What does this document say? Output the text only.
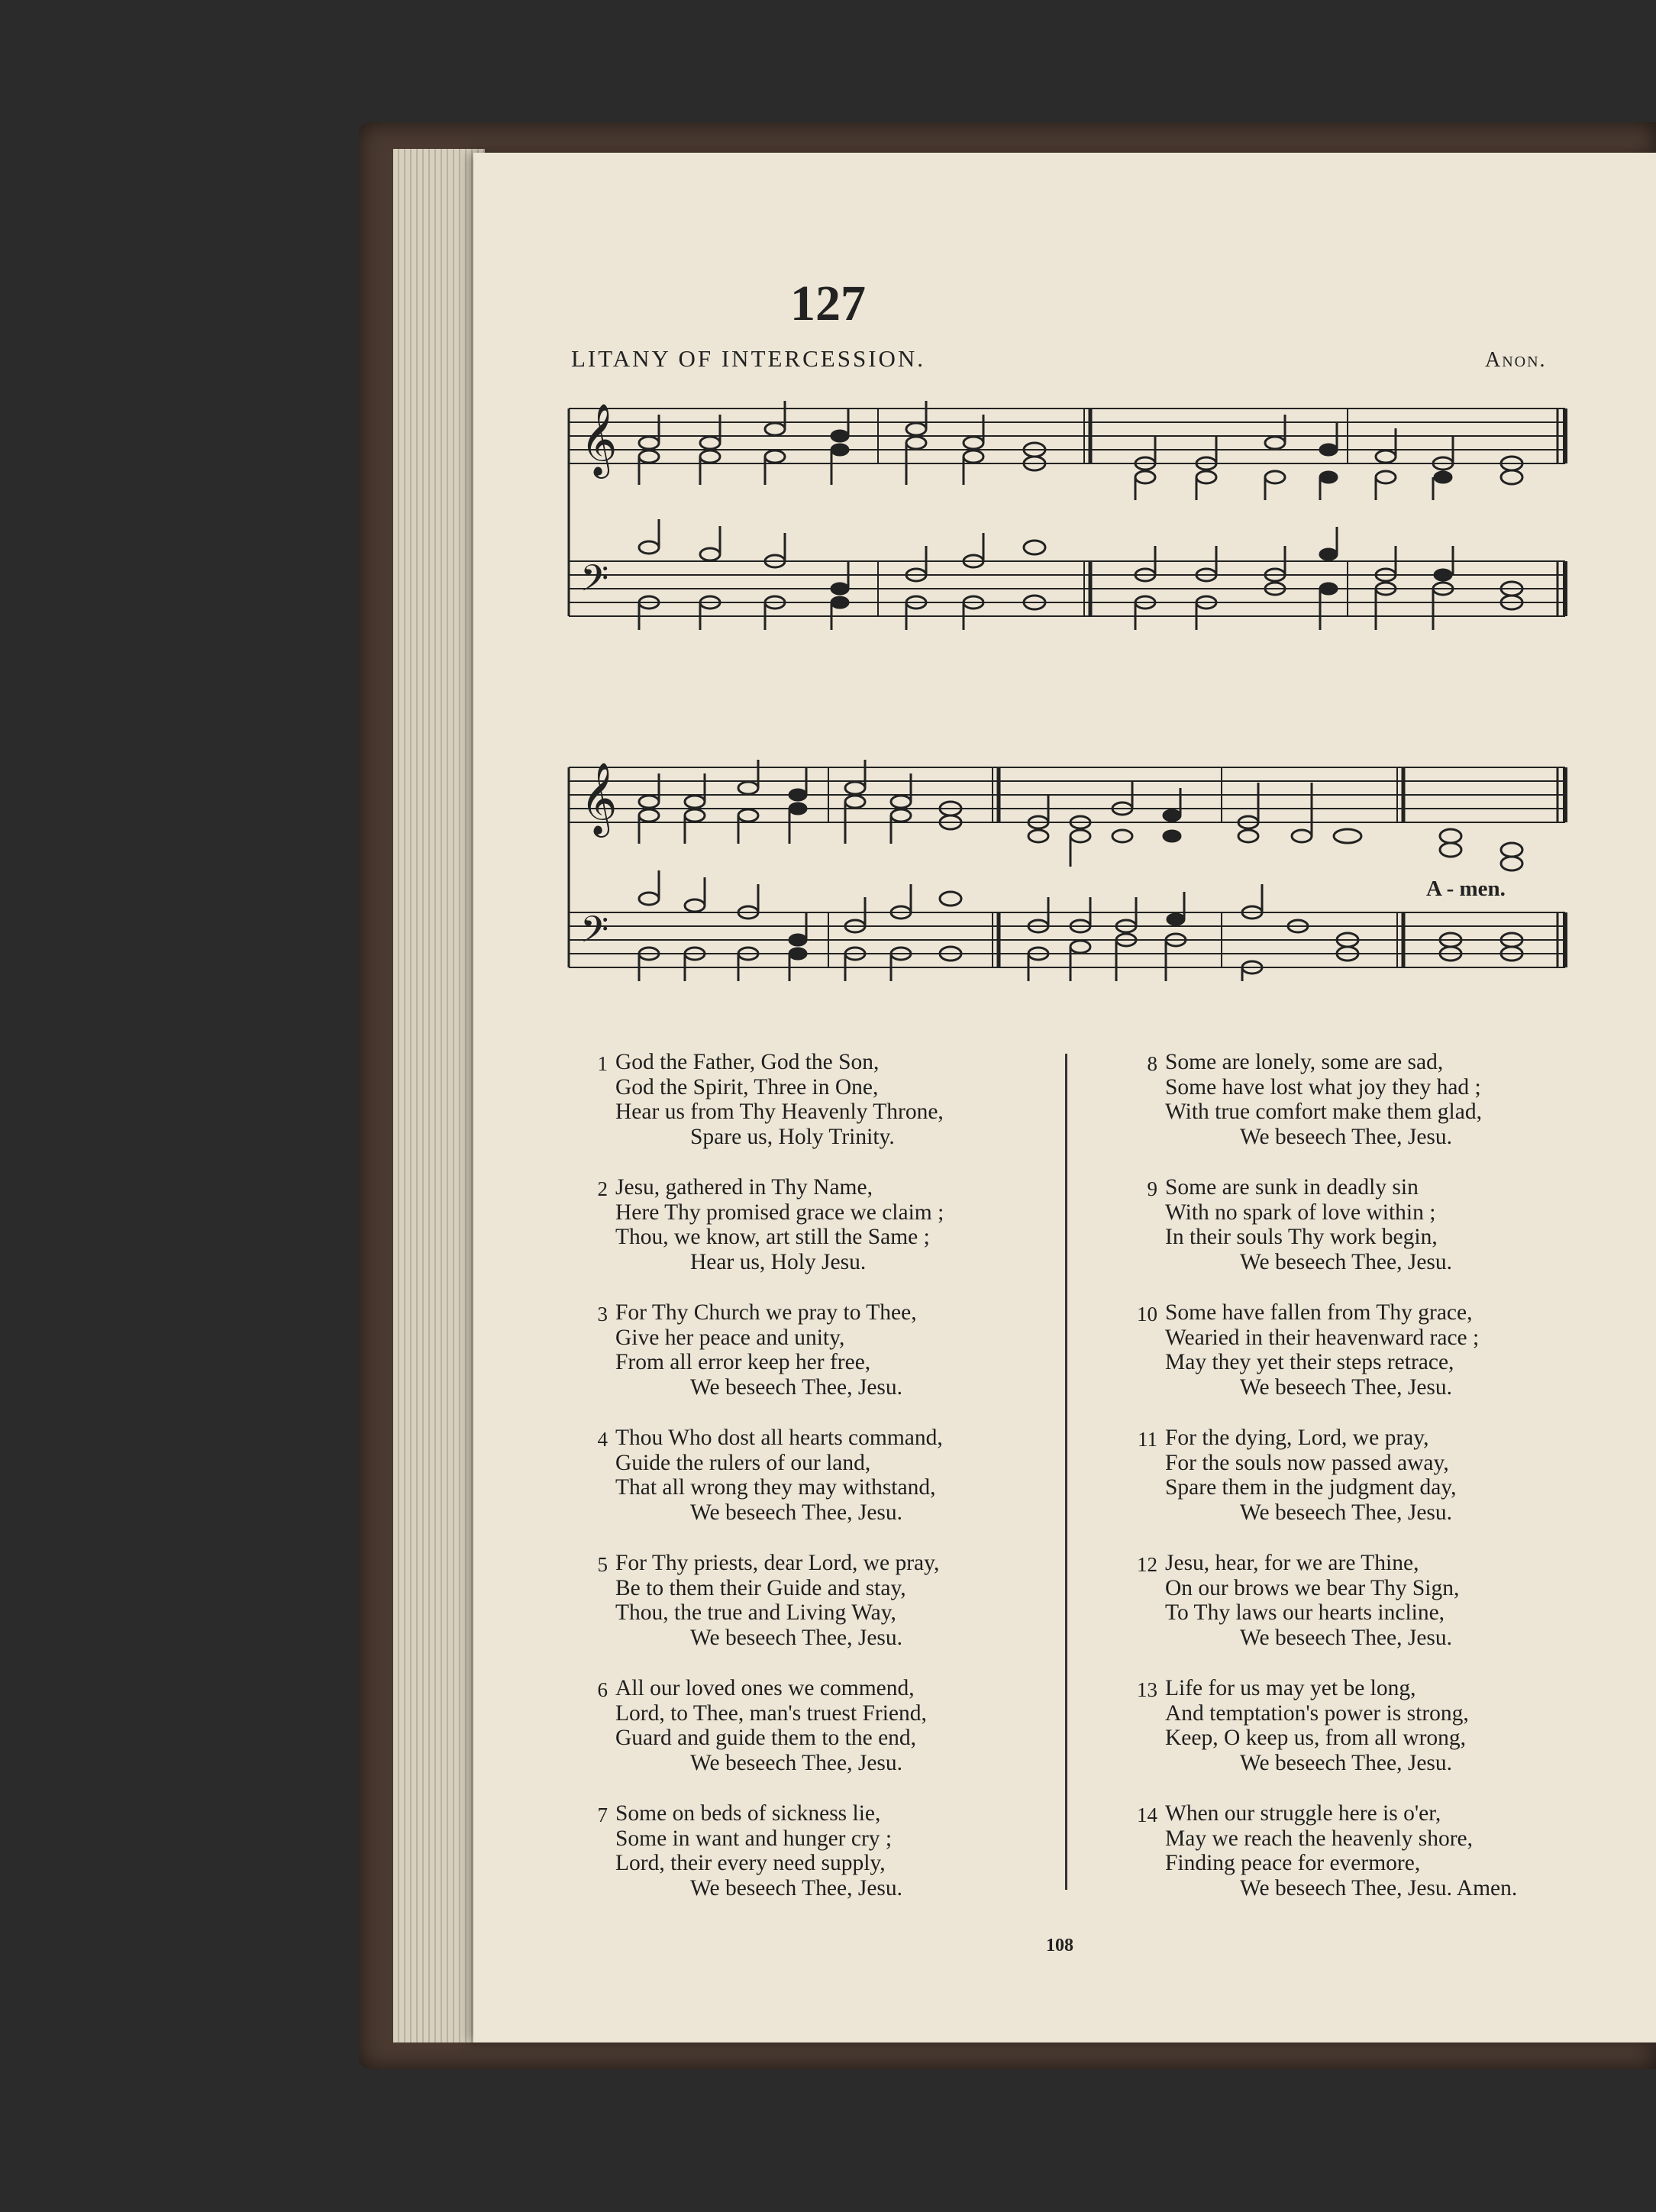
127
LITANY OF INTERCESSION.	Anon.
𝄞
𝄢
𝄞
𝄢
A - men.
1 God the Father, God the Son,
God the Spirit, Three in One,
Hear us from Thy Heavenly Throne,
Spare us, Holy Trinity.
2 Jesu, gathered in Thy Name,
Here Thy promised grace we claim ;
Thou, we know, art still the Same ;
Hear us, Holy Jesu.
3 For Thy Church we pray to Thee,
Give her peace and unity,
From all error keep her free,
We beseech Thee, Jesu.
4 Thou Who dost all hearts command,
Guide the rulers of our land,
That all wrong they may withstand,
We beseech Thee, Jesu.
5 For Thy priests, dear Lord, we pray,
Be to them their Guide and stay,
Thou, the true and Living Way,
We beseech Thee, Jesu.
6 All our loved ones we commend,
Lord, to Thee, man's truest Friend,
Guard and guide them to the end,
We beseech Thee, Jesu.
7 Some on beds of sickness lie,
Some in want and hunger cry ;
Lord, their every need supply,
We beseech Thee, Jesu.
8 Some are lonely, some are sad,
Some have lost what joy they had ;
With true comfort make them glad,
We beseech Thee, Jesu.
9 Some are sunk in deadly sin
With no spark of love within ;
In their souls Thy work begin,
We beseech Thee, Jesu.
10 Some have fallen from Thy grace,
Wearied in their heavenward race ;
May they yet their steps retrace,
We beseech Thee, Jesu.
11 For the dying, Lord, we pray,
For the souls now passed away,
Spare them in the judgment day,
We beseech Thee, Jesu.
12 Jesu, hear, for we are Thine,
On our brows we bear Thy Sign,
To Thy laws our hearts incline,
We beseech Thee, Jesu.
13 Life for us may yet be long,
And temptation's power is strong,
Keep, O keep us, from all wrong,
We beseech Thee, Jesu.
14 When our struggle here is o'er,
May we reach the heavenly shore,
Finding peace for evermore,
We beseech Thee, Jesu. Amen.
108
